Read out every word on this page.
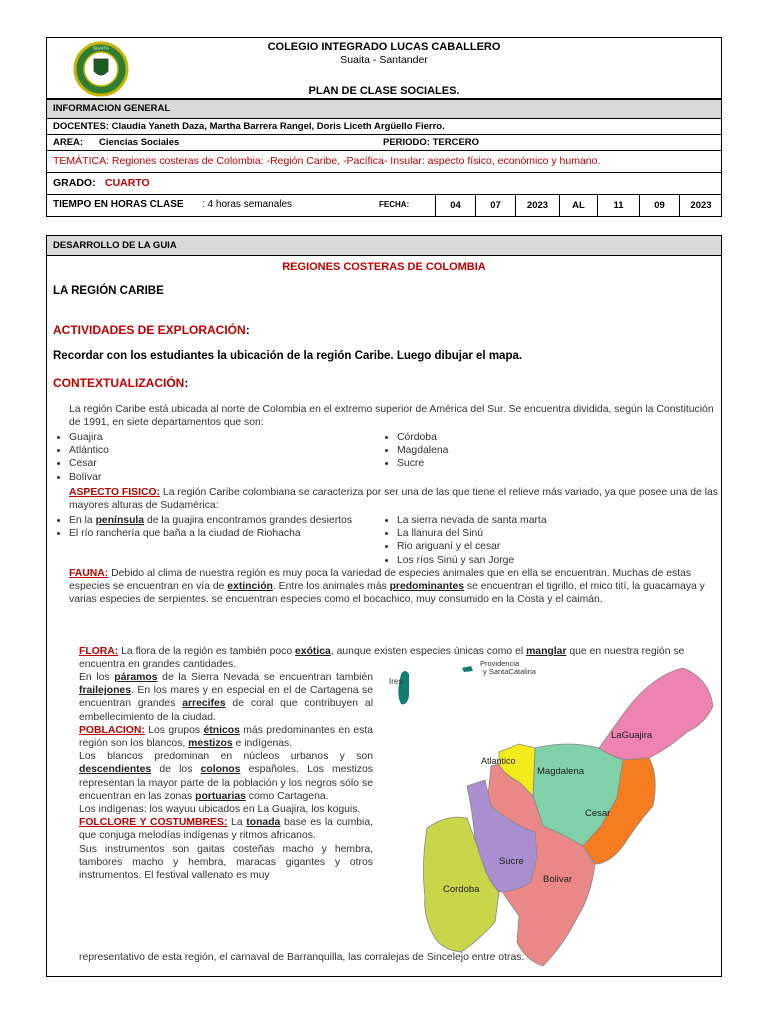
SUAITA	COLEGIO INTEGRADO LUCAS CABALLERO
Suaita - Santander
PLAN DE CLASE SOCIALES.
INFORMACION GENERAL
DOCENTES: Claudia Yaneth Daza, Martha Barrera Rangel, Doris Liceth Argüello Fierro.
AREA: Ciencias Sociales	PERIODO: TERCERO
TEMÁTICA: Regiones costeras de Colombia: -Región Caribe, -Pacífica- Insular: aspecto físico, económico y humano.
GRADO: CUARTO
TIEMPO EN HORAS CLASE : 4 horas semanales	FECHA:	04	07	2023	AL	11	09	2023
DESARROLLO DE LA GUIA
REGIONES COSTERAS DE COLOMBIA
LA REGIÓN CARIBE
ACTIVIDADES DE EXPLORACIÓN:
Recordar con los estudiantes la ubicación de la región Caribe. Luego dibujar el mapa.
CONTEXTUALIZACIÓN:
La región Caribe está ubicada al norte de Colombia en el extremo superior de América del Sur. Se encuentra dividida, según la Constitución de 1991, en siete departamentos que son:
• Guajira
• Atlántico
• Cesar
• Bolívar
• Córdoba
• Magdalena
• Sucre
ASPECTO FISICO: La región Caribe colombiana se caracteriza por ser una de las que tiene el relieve más variado, ya que posee una de las mayores alturas de Sudamérica:
• En la península de la guajira encontramos grandes desiertos
• El río ranchería que baña a la ciudad de Riohacha
• La sierra nevada de santa marta
• La llanura del Sinú
• Rio ariguaní y el cesar
• Los ríos Sinú y san Jorge
FAUNA: Debido al clima de nuestra región es muy poca la variedad de especies animales que en ella se encuentran. Muchas de estas especies se encuentran en vía de extinción. Entre los animales más predominantes se encuentran el tigrillo, el mico tití, la guacamaya y varias especies de serpientes. se encuentran especies como el bocachico, muy consumido en la Costa y el caimán.
FLORA: La flora de la región es también poco exótica, aunque existen especies únicas como el manglar que en nuestra región se encuentra en grandes cantidades.

En los páramos de la Sierra Nevada se encuentran también frailejones. En los mares y en especial en el de Cartagena se encuentran grandes arrecifes de coral que contribuyen al embellecimiento de la ciudad.

POBLACION: Los grupos étnicos más predominantes en esta región son los blancos, mestizos e indígenas.

Los blancos predominan en núcleos urbanos y son descendientes de los colonos españoles. Los mestizos representan la mayor parte de la población y los negros sólo se encuentran en las zonas portuarias como Cartagena.

Los indígenas: los wayuu ubicados en La Guajira, los koguis.

FOLCLORE Y COSTUMBRES: La tonada base es la cumbia, que conjuga melodías indígenas y ritmos africanos.

Sus instrumentos son gaitas costeñas macho y hembra, tambores macho y hembra, maracas gigantes y otros instrumentos. El festival vallenato es muy

representativo de esta región, el carnaval de Barranquilla, las corralejas de Sincelejo entre otras.
Ires
Providencia
y SantaCatalina
LaGuajira
Atlantico
Magdalena
Cesar
Sucre
Bolivar
Cordoba
